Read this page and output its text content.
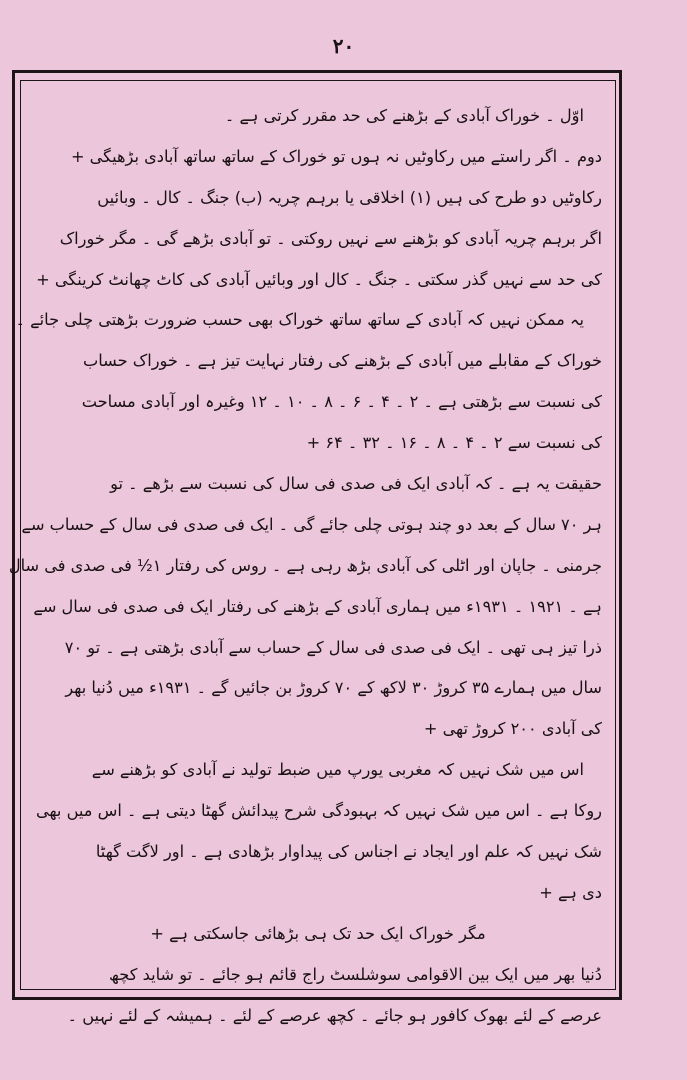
۲۰
اوّل ۔ خوراک آبادی کے بڑھنے کی حد مقرر کرتی ہے ۔
دوم ۔ اگر راستے میں رکاوٹیں نہ ہوں تو خوراک کے ساتھ ساتھ آبادی بڑھیگی +
رکاوٹیں دو طرح کی ہیں (۱) اخلاقی یا برہم چریہ (ب) جنگ ۔ کال ۔ وبائیں
اگر برہم چریہ آبادی کو بڑھنے سے نہیں روکتی ۔ تو آبادی بڑھے گی ۔ مگر خوراک
کی حد سے نہیں گذر سکتی ۔ جنگ ۔ کال اور وبائیں آبادی کی کاٹ چھانٹ کرینگی +
یہ ممکن نہیں کہ آبادی کے ساتھ ساتھ خوراک بھی حسب ضرورت بڑھتی چلی جائے ۔
خوراک کے مقابلے میں آبادی کے بڑھنے کی رفتار نہایت تیز ہے ۔ خوراک حساب
کی نسبت سے بڑھتی ہے ۔ ۲ ۔ ۴ ۔ ۶ ۔ ۸ ۔ ۱۰ ۔ ۱۲ وغیرہ اور آبادی مساحت
کی نسبت سے ۲ ۔ ۴ ۔ ۸ ۔ ۱۶ ۔ ۳۲ ۔ ۶۴ +
حقیقت یہ ہے ۔ کہ آبادی ایک فی صدی فی سال کی نسبت سے بڑھے ۔ تو
ہر ۷۰ سال کے بعد دو چند ہوتی چلی جائے گی ۔ ایک فی صدی فی سال کے حساب سے
جرمنی ۔ جاپان اور اٹلی کی آبادی بڑھ رہی ہے ۔ روس کی رفتار ۱½ فی صدی فی سال
ہے ۔ ۱۹۲۱ ۔ ۱۹۳۱ء میں ہماری آبادی کے بڑھنے کی رفتار ایک فی صدی فی سال سے
ذرا تیز ہی تھی ۔ ایک فی صدی فی سال کے حساب سے آبادی بڑھتی ہے ۔ تو ۷۰
سال میں ہمارے ۳۵ کروڑ ۳۰ لاکھ کے ۷۰ کروڑ بن جائیں گے ۔ ۱۹۳۱ء میں دُنیا بھر
کی آبادی ۲۰۰ کروڑ تھی +
اس میں شک نہیں کہ مغربی یورپ میں ضبط تولید نے آبادی کو بڑھنے سے
روکا ہے ۔ اس میں شک نہیں کہ بہبودگی شرح پیدائش گھٹا دیتی ہے ۔ اس میں بھی
شک نہیں کہ علم اور ایجاد نے اجناس کی پیداوار بڑھادی ہے ۔ اور لاگت گھٹا
دی ہے +
مگر خوراک ایک حد تک ہی بڑھائی جاسکتی ہے +
دُنیا بھر میں ایک بین الاقوامی سوشلسٹ راج قائم ہو جائے ۔ تو شاید کچھ
عرصے کے لئے بھوک کافور ہو جائے ۔ کچھ عرصے کے لئے ۔ ہمیشہ کے لئے نہیں ۔
